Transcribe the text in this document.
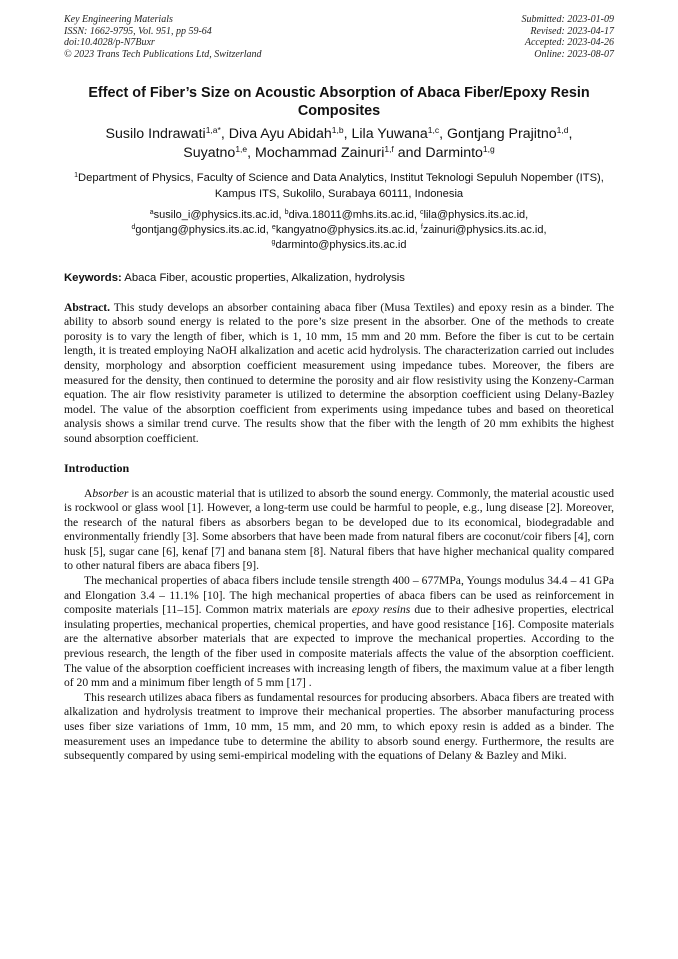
Key Engineering Materials
ISSN: 1662-9795, Vol. 951, pp 59-64
doi:10.4028/p-N7Buxr
© 2023 Trans Tech Publications Ltd, Switzerland
Submitted: 2023-01-09
Revised: 2023-04-17
Accepted: 2023-04-26
Online: 2023-08-07
Effect of Fiber’s Size on Acoustic Absorption of Abaca Fiber/Epoxy Resin Composites
Susilo Indrawati$^{1,a*}$, Diva Ayu Abidah$^{1,b}$, Lila Yuwana$^{1,c}$, Gontjang Prajitno$^{1,d}$,
Suyatno$^{1,e}$, Mochammad Zainuri$^{1,f}$ and Darminto$^{1,g}$
$^1$Department of Physics, Faculty of Science and Data Analytics, Institut Teknologi Sepuluh Nopember (ITS), Kampus ITS, Sukolilo, Surabaya 60111, Indonesia
$^a$susilo_i@physics.its.ac.id, $^b$diva.18011@mhs.its.ac.id, $^c$lila@physics.its.ac.id,
$^d$gontjang@physics.its.ac.id, $^e$kangyatno@physics.its.ac.id, $^f$zainuri@physics.its.ac.id,
$^g$darminto@physics.its.ac.id
Keywords: Abaca Fiber, acoustic properties, Alkalization, hydrolysis
Abstract. This study develops an absorber containing abaca fiber (Musa Textiles) and epoxy resin as a binder. The ability to absorb sound energy is related to the pore’s size present in the absorber. One of the methods to create porosity is to vary the length of fiber, which is 1, 10 mm, 15 mm and 20 mm. Before the fiber is cut to be certain length, it is treated employing NaOH alkalization and acetic acid hydrolysis. The characterization carried out includes density, morphology and absorption coefficient measurement using impedance tubes. Moreover, the fibers are measured for the density, then continued to determine the porosity and air flow resistivity using the Konzeny-Carman equation. The air flow resistivity parameter is utilized to determine the absorption coefficient using Delany-Bazley model. The value of the absorption coefficient from experiments using impedance tubes and based on theoretical analysis shows a similar trend curve. The results show that the fiber with the length of 20 mm exhibits the highest sound absorption coefficient.
Introduction

Absorber is an acoustic material that is utilized to absorb the sound energy. Commonly, the material acoustic used is rockwool or glass wool [1]. However, a long-term use could be harmful to people, e.g., lung disease [2]. Moreover, the research of the natural fibers as absorbers began to be developed due to its economical, biodegradable and environmentally friendly [3]. Some absorbers that have been made from natural fibers are coconut/coir fibers [4], corn husk [5], sugar cane [6], kenaf [7] and banana stem [8]. Natural fibers that have higher mechanical quality compared to other natural fibers are abaca fibers [9].

The mechanical properties of abaca fibers include tensile strength 400 – 677MPa, Youngs modulus 34.4 – 41 GPa and Elongation 3.4 – 11.1% [10]. The high mechanical properties of abaca fibers can be used as reinforcement in composite materials [11–15]. Common matrix materials are epoxy resins due to their adhesive properties, electrical insulating properties, mechanical properties, chemical properties, and have good resistance [16]. Composite materials are the alternative absorber materials that are expected to improve the mechanical properties. According to the previous research, the length of the fiber used in composite materials affects the value of the absorption coefficient. The value of the absorption coefficient increases with increasing length of fibers, the maximum value at a fiber length of 20 mm and a minimum fiber length of 5 mm [17] .

This research utilizes abaca fibers as fundamental resources for producing absorbers. Abaca fibers are treated with alkalization and hydrolysis treatment to improve their mechanical properties. The absorber manufacturing process uses fiber size variations of 1mm, 10 mm, 15 mm, and 20 mm, to which epoxy resin is added as a binder. The measurement uses an impedance tube to determine the ability to absorb sound energy. Furthermore, the results are subsequently compared by using semi-empirical modeling with the equations of Delany & Bazley and Miki.
